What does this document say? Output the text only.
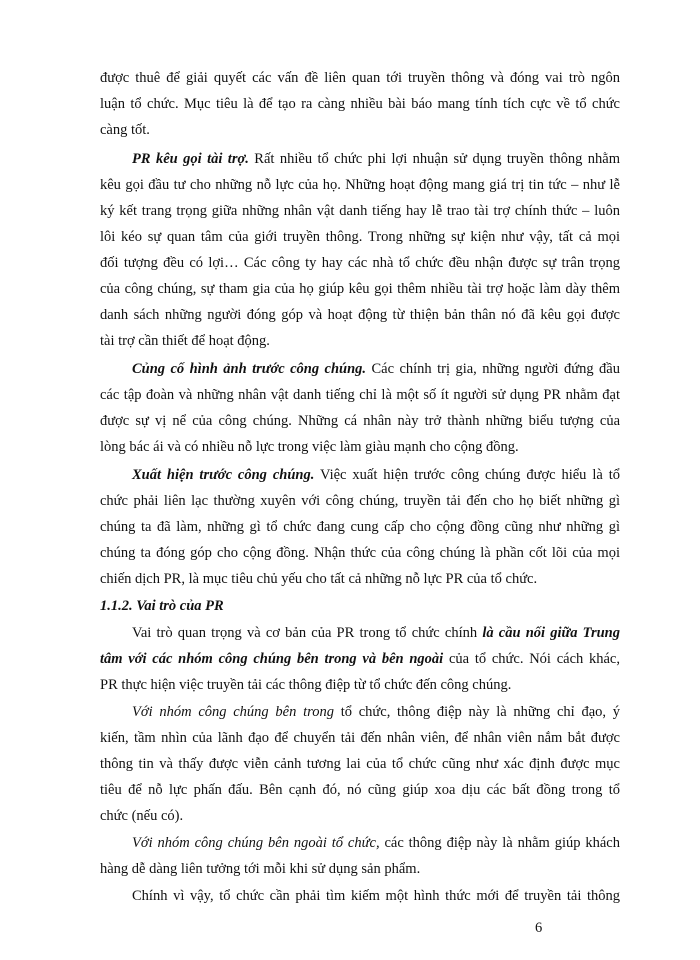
được thuê để giải quyết các vấn đề liên quan tới truyền thông và đóng vai trò ngôn
luận tổ chức. Mục tiêu là để tạo ra càng nhiều bài báo mang tính tích cực về tổ chức
càng tốt.
PR kêu gọi tài trợ. Rất nhiều tổ chức phi lợi nhuận sử dụng truyền thông nhằm
kêu gọi đầu tư cho những nỗ lực của họ. Những hoạt động mang giá trị tin tức – như lễ
ký kết trang trọng giữa những nhân vật danh tiếng hay lễ trao tài trợ chính thức – luôn
lôi kéo sự quan tâm của giới truyền thông. Trong những sự kiện như vậy, tất cả mọi
đối tượng đều có lợi… Các công ty hay các nhà tổ chức đều nhận được sự trân trọng
của công chúng, sự tham gia của họ giúp kêu gọi thêm nhiều tài trợ hoặc làm dày thêm
danh sách những người đóng góp và hoạt động từ thiện bản thân nó đã kêu gọi được
tài trợ cần thiết để hoạt động.
Củng cố hình ảnh trước công chúng. Các chính trị gia, những người đứng đầu
các tập đoàn và những nhân vật danh tiếng chỉ là một số ít người sử dụng PR nhằm đạt
được sự vị nể của công chúng. Những cá nhân này trở thành những biểu tượng của
lòng bác ái và có nhiều nỗ lực trong việc làm giàu mạnh cho cộng đồng.
Xuất hiện trước công chúng. Việc xuất hiện trước công chúng được hiểu là tổ
chức phải liên lạc thường xuyên với công chúng, truyền tải đến cho họ biết những gì
chúng ta đã làm, những gì tổ chức đang cung cấp cho cộng đồng cũng như những gì
chúng ta đóng góp cho cộng đồng. Nhận thức của công chúng là phần cốt lõi của mọi
chiến dịch PR, là mục tiêu chủ yếu cho tất cả những nỗ lực PR của tổ chức.
1.1.2. Vai trò của PR
Vai trò quan trọng và cơ bản của PR trong tổ chức chính là cầu nối giữa Trung
tâm với các nhóm công chúng bên trong và bên ngoài của tổ chức. Nói cách khác,
PR thực hiện việc truyền tải các thông điệp từ tổ chức đến công chúng.
Với nhóm công chúng bên trong tổ chức, thông điệp này là những chỉ đạo, ý
kiến, tầm nhìn của lãnh đạo để chuyển tải đến nhân viên, để nhân viên nắm bắt được
thông tin và thấy được viễn cảnh tương lai của tổ chức cũng như xác định được mục
tiêu để nỗ lực phấn đấu. Bên cạnh đó, nó cũng giúp xoa dịu các bất đồng trong tổ
chức (nếu có).
Với nhóm công chúng bên ngoài tổ chức, các thông điệp này là nhằm giúp khách
hàng dễ dàng liên tưởng tới mỗi khi sử dụng sản phẩm.
Chính vì vậy, tổ chức cần phải tìm kiếm một hình thức mới để truyền tải thông
6
